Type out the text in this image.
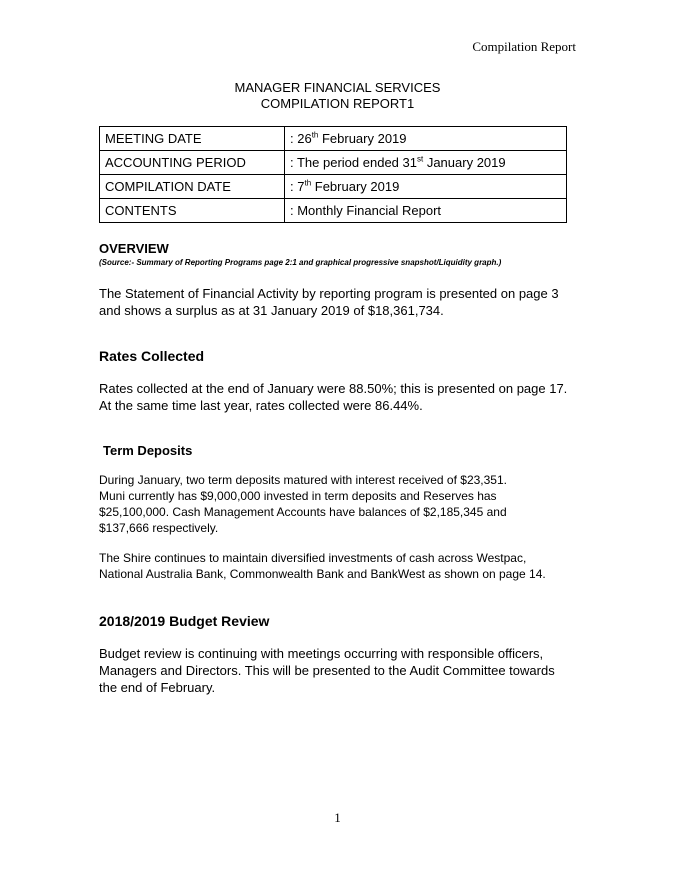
Compilation Report
MANAGER FINANCIAL SERVICES
COMPILATION REPORT1
MEETING DATE	: 26th February 2019
ACCOUNTING PERIOD	: The period ended 31st January 2019
COMPILATION DATE	: 7th February 2019
CONTENTS	: Monthly Financial Report
OVERVIEW
(Source:- Summary of Reporting Programs page 2:1 and graphical progressive snapshot/Liquidity graph.)
The Statement of Financial Activity by reporting program is presented on page 3
and shows a surplus as at 31 January 2019 of $18,361,734.
Rates Collected
Rates collected at the end of January were 88.50%; this is presented on page 17.
At the same time last year, rates collected were 86.44%.
Term Deposits
During January, two term deposits matured with interest received of $23,351.
Muni currently has $9,000,000 invested in term deposits and Reserves has
$25,100,000. Cash Management Accounts have balances of $2,185,345 and
$137,666 respectively.
The Shire continues to maintain diversified investments of cash across Westpac,
National Australia Bank, Commonwealth Bank and BankWest as shown on page 14.
2018/2019 Budget Review
Budget review is continuing with meetings occurring with responsible officers,
Managers and Directors. This will be presented to the Audit Committee towards
the end of February.
1
